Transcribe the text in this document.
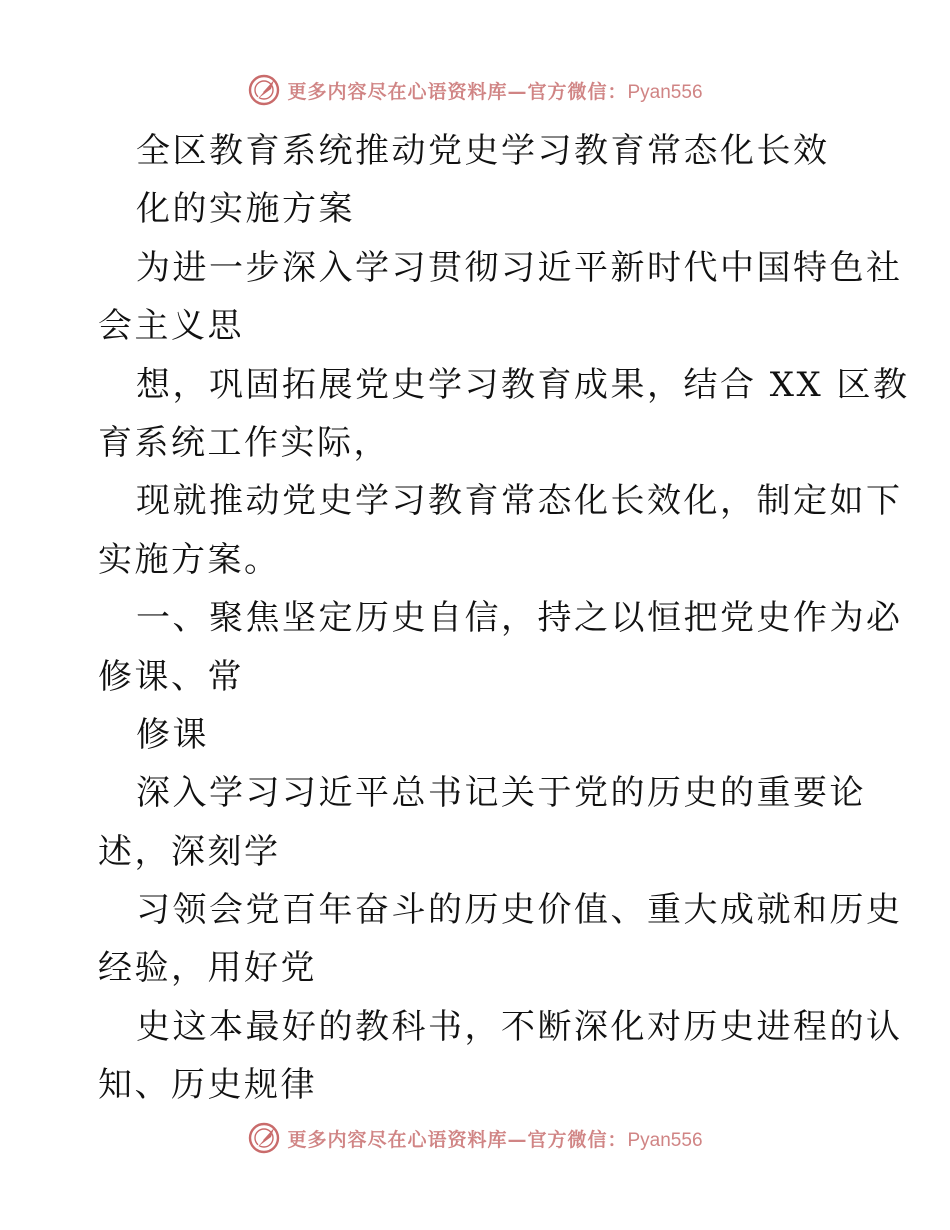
更多内容尽在心语资料库—官方微信：Pyan556
全区教育系统推动党史学习教育常态化长效
化的实施方案
为进一步深入学习贯彻习近平新时代中国特色社
会主义思
想，巩固拓展党史学习教育成果，结合 XX 区教
育系统工作实际，
现就推动党史学习教育常态化长效化，制定如下
实施方案。
一、聚焦坚定历史自信，持之以恒把党史作为必
修课、常
修课
深入学习习近平总书记关于党的历史的重要论
述，深刻学
习领会党百年奋斗的历史价值、重大成就和历史
经验，用好党
史这本最好的教科书，不断深化对历史进程的认
知、历史规律
更多内容尽在心语资料库—官方微信：Pyan556
